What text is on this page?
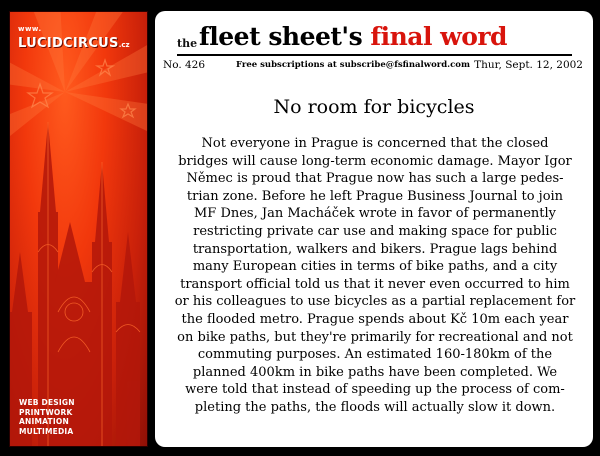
www.
LUCIDCIRCUS.cz
WEB DESIGN
PRINTWORK
ANIMATION
MULTIMEDIA
the fleet sheet's final word
No. 426	Free subscriptions at subscribe@fsfinalword.com Thur, Sept. 12, 2002
No room for bicycles

Not everyone in Prague is concerned that the closed
bridges will cause long-term economic damage. Mayor Igor
Němec is proud that Prague now has such a large pedes-
trian zone. Before he left Prague Business Journal to join
MF Dnes, Jan Macháček wrote in favor of permanently
restricting private car use and making space for public
transportation, walkers and bikers. Prague lags behind
many European cities in terms of bike paths, and a city
transport official told us that it never even occurred to him
or his colleagues to use bicycles as a partial replacement for
the flooded metro. Prague spends about Kč 10m each year
on bike paths, but they're primarily for recreational and not
commuting purposes. An estimated 160-180km of the
planned 400km in bike paths have been completed. We
were told that instead of speeding up the process of com-
pleting the paths, the floods will actually slow it down.
